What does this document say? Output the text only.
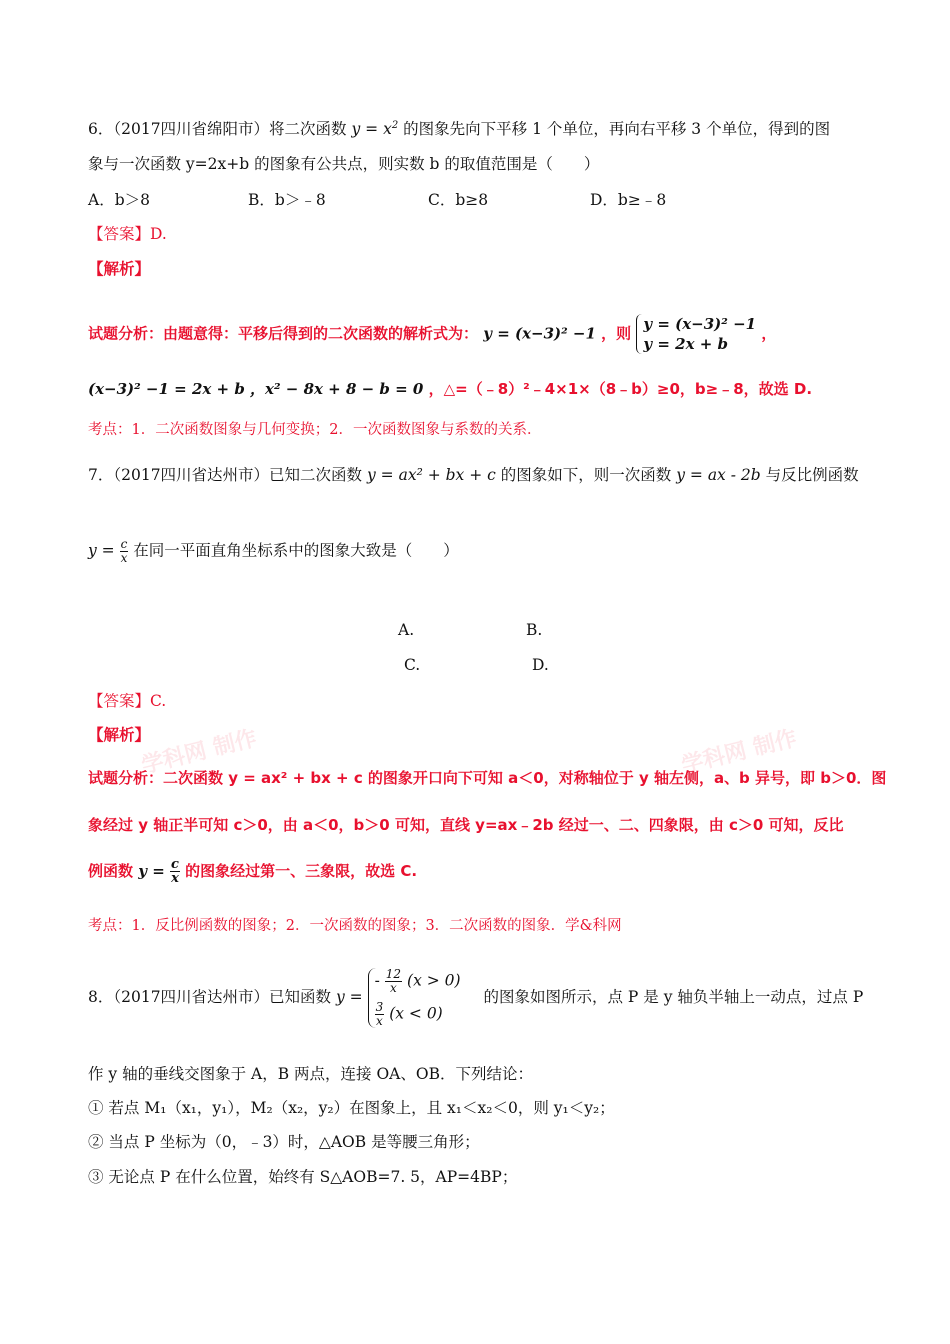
6．（2017四川省绵阳市）将二次函数 $y = x^2$ 的图象先向下平移 1 个单位，再向右平移 3 个单位，得到的图
象与一次函数 y=2x+b 的图象有公共点，则实数 b 的取值范围是（　　）
A．b＞8	B．b＞﹣8	C．b≥8	D．b≥﹣8
【答案】D.
【解析】
试题分析：由题意得：平移后得到的二次函数的解析式为： y = (x−3)² −1 ，则
y = (x−3)² −1
y = 2x + b
，
(x−3)² −1 = 2x + b ，x² − 8x + 8 − b = 0 ，△=（﹣8）²﹣4×1×（8﹣b）≥0，b≥﹣8，故选 D.
考点：1．二次函数图象与几何变换；2．一次函数图象与系数的关系．
7．（2017四川省达州市）已知二次函数 y = ax² + bx + c 的图象如下，则一次函数 y = ax - 2b 与反比例函数
$y = \frac{c}{x}$ 在同一平面直角坐标系中的图象大致是（　　）
A.	B.
C.	D.
【答案】C.
【解析】
学科网 制作	学科网 制作
试题分析：二次函数 y = ax² + bx + c 的图象开口向下可知 a＜0，对称轴位于 y 轴左侧，a、b 异号，即 b＞0．图
象经过 y 轴正半可知 c＞0，由 a＜0，b＞0 可知，直线 y=ax﹣2b 经过一、二、四象限，由 c＞0 可知，反比
例函数 $y = \frac{c}{x}$ 的图象经过第一、三象限，故选 C.
考点：1．反比例函数的图象；2．一次函数的图象；3．二次函数的图象．学&科网
8．（2017四川省达州市）已知函数 y =
- $\frac{12}{x} (x > 0)$
$\frac{3}{x} (x < 0)$
的图象如图所示，点 P 是 y 轴负半轴上一动点，过点 P
作 y 轴的垂线交图象于 A，B 两点，连接 OA、OB．下列结论：
① 若点 M₁（x₁，y₁），M₂（x₂，y₂）在图象上，且 x₁＜x₂＜0，则 y₁＜y₂；
② 当点 P 坐标为（0，﹣3）时，△AOB 是等腰三角形；
③ 无论点 P 在什么位置，始终有 S△AOB=7. 5，AP=4BP；
